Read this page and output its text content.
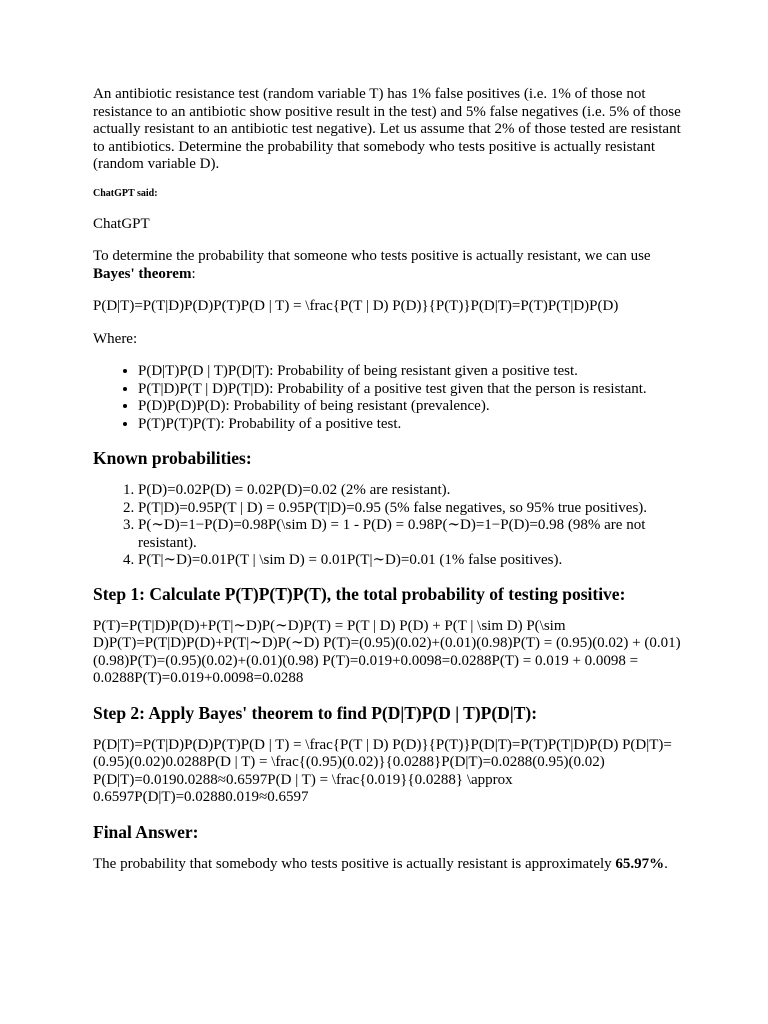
An antibiotic resistance test (random variable T) has 1% false positives (i.e. 1% of those not resistance to an antibiotic show positive result in the test) and 5% false negatives (i.e. 5% of those actually resistant to an antibiotic test negative). Let us assume that 2% of those tested are resistant to antibiotics. Determine the probability that somebody who tests positive is actually resistant (random variable D).

ChatGPT said:

ChatGPT

To determine the probability that someone who tests positive is actually resistant, we can use Bayes' theorem:

P(D|T)=P(T|D)P(D)P(T)P(D | T) = \frac{P(T | D) P(D)}{P(T)}P(D|T)=P(T)P(T|D)P(D)

Where:

• P(D|T)P(D | T)P(D|T): Probability of being resistant given a positive test.
• P(T|D)P(T | D)P(T|D): Probability of a positive test given that the person is resistant.
• P(D)P(D)P(D): Probability of being resistant (prevalence).
• P(T)P(T)P(T): Probability of a positive test.
Known probabilities:
1. P(D)=0.02P(D) = 0.02P(D)=0.02 (2% are resistant).
2. P(T|D)=0.95P(T | D) = 0.95P(T|D)=0.95 (5% false negatives, so 95% true positives).
3. P(∼D)=1−P(D)=0.98P(\sim D) = 1 - P(D) = 0.98P(∼D)=1−P(D)=0.98 (98% are not resistant).
4. P(T|∼D)=0.01P(T | \sim D) = 0.01P(T|∼D)=0.01 (1% false positives).
Step 1: Calculate P(T)P(T)P(T), the total probability of testing positive:

P(T)=P(T|D)P(D)+P(T|∼D)P(∼D)P(T) = P(T | D) P(D) + P(T | \sim D) P(\sim D)P(T)=P(T|D)P(D)+P(T|∼D)P(∼D) P(T)=(0.95)(0.02)+(0.01)(0.98)P(T) = (0.95)(0.02) + (0.01)(0.98)P(T)=(0.95)(0.02)+(0.01)(0.98) P(T)=0.019+0.0098=0.0288P(T) = 0.019 + 0.0098 = 0.0288P(T)=0.019+0.0098=0.0288

Step 2: Apply Bayes' theorem to find P(D|T)P(D | T)P(D|T):

P(D|T)=P(T|D)P(D)P(T)P(D | T) = \frac{P(T | D) P(D)}{P(T)}P(D|T)=P(T)P(T|D)P(D) P(D|T)=(0.95)(0.02)0.0288P(D | T) = \frac{(0.95)(0.02)}{0.0288}P(D|T)=0.0288(0.95)(0.02) P(D|T)=0.0190.0288≈0.6597P(D | T) = \frac{0.019}{0.0288} \approx 0.6597P(D|T)=0.02880.019≈0.6597

Final Answer:

The probability that somebody who tests positive is actually resistant is approximately 65.97%.
